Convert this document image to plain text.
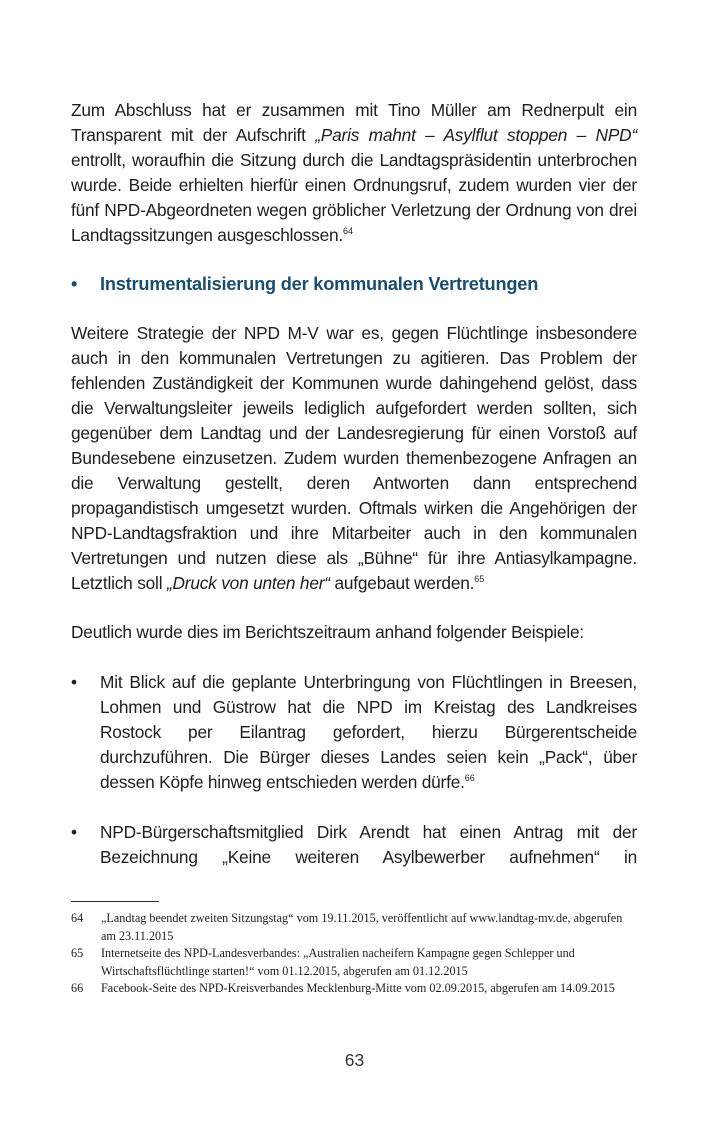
Zum Abschluss hat er zusammen mit Tino Müller am Rednerpult ein Transparent mit der Aufschrift „Paris mahnt – Asylflut stoppen – NPD“ entrollt, woraufhin die Sitzung durch die Landtagspräsidentin unterbrochen wurde. Beide erhielten hierfür einen Ordnungsruf, zudem wurden vier der fünf NPD-Abgeordneten wegen gröblicher Verletzung der Ordnung von drei Landtagssitzungen ausgeschlossen.$^{64}$

• Instrumentalisierung der kommunalen Vertretungen

Weitere Strategie der NPD M-V war es, gegen Flüchtlinge insbesondere auch in den kommunalen Vertretungen zu agitieren. Das Problem der fehlenden Zuständigkeit der Kommunen wurde dahingehend gelöst, dass die Verwaltungsleiter jeweils lediglich aufgefordert werden sollten, sich gegenüber dem Landtag und der Landesregierung für einen Vorstoß auf Bundesebene einzusetzen. Zudem wurden themenbezogene Anfragen an die Verwaltung gestellt, deren Antworten dann entsprechend propagandistisch umgesetzt wurden. Oftmals wirken die Angehörigen der NPD-Landtagsfraktion und ihre Mitarbeiter auch in den kommunalen Vertretungen und nutzen diese als „Bühne“ für ihre Antiasylkampagne. Letztlich soll „Druck von unten her“ aufgebaut werden.$^{65}$

Deutlich wurde dies im Berichtszeitraum anhand folgender Beispiele:

• Mit Blick auf die geplante Unterbringung von Flüchtlingen in Breesen, Lohmen und Güstrow hat die NPD im Kreistag des Landkreises Rostock per Eilantrag gefordert, hierzu Bürgerentscheide durchzuführen. Die Bürger dieses Landes seien kein „Pack“, über dessen Köpfe hinweg entschieden werden dürfe.$^{66}$

• NPD-Bürgerschaftsmitglied Dirk Arendt hat einen Antrag mit der Bezeichnung „Keine weiteren Asylbewerber aufnehmen“ in

64 „Landtag beendet zweiten Sitzungstag“ vom 19.11.2015, veröffentlicht auf www.landtag-mv.de, abgerufen am 23.11.2015

65 Internetseite des NPD-Landesverbandes: „Australien nacheifern Kampagne gegen Schlepper und Wirtschaftsflüchtlinge starten!“ vom 01.12.2015, abgerufen am 01.12.2015

66 Facebook-Seite des NPD-Kreisverbandes Mecklenburg-Mitte vom 02.09.2015, abgerufen am 14.09.2015

63
